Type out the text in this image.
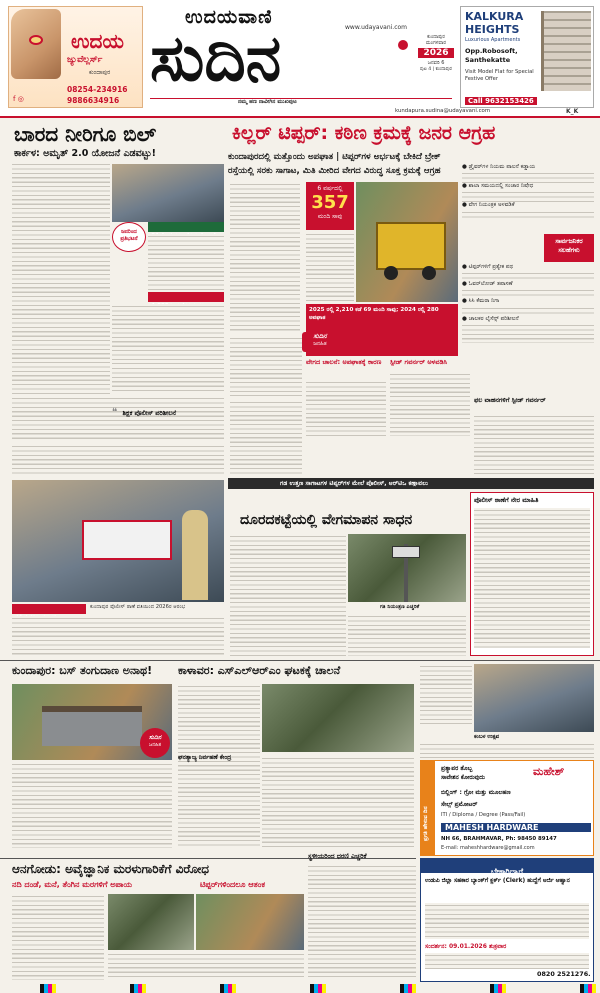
ಉದಯ
ಜ್ಯುವೆಲ್ಲರ್ಸ್
ಕುಂದಾಪುರ
f ◎
08254-234916
9886634916
ಉದಯವಾಣಿ
ಸುದಿನ	www.udayavani.com
ಕುಂದಾಪುರ
ಮಂಗಳವಾರ
2026
ಜನವರಿ 6
ಪುಟ 4 | ಕುಂದಾಪುರ
ನಮ್ಮ ಹಣ ನಾವೀಗಿನ ಮುಖಪುಟ
kundapura.sudina@udayavani.com	K_K
KALKURA
HEIGHTS
Luxurious Apartments
Opp.Robosoft, Santhekatte
Visit Model Flat for Special Festive Offer
Call 9632153426
ಬಾರದ ನೀರಿಗೂ ಬಿಲ್
ಕಾರ್ಕಳ: ಅಮೃತ್ 2.0 ಯೋಜನೆ ಎಡವಟ್ಟು!
ಕಿಲ್ಲರ್ ಟಿಪ್ಪರ್: ಕಠಿಣ ಕ್ರಮಕ್ಕೆ ಜನರ ಆಗ್ರಹ
ಕುಂದಾಪುರದಲ್ಲಿ ಮತ್ತೊಂದು ಅಪಘಾತ | ಟಿಪ್ಪರ್‌ಗಳ ಅರ್ಭಟಕ್ಕೆ ಬೇಕಿದೆ ಬ್ರೇಕ್
ರಸ್ತೆಯಲ್ಲಿ ಸರಕು ಸಾಗಾಟ, ಮಿತಿ ಮೀರಿದ ವೇಗದ ವಿರುದ್ಧ ಸೂಕ್ತ ಕ್ರಮಕ್ಕೆ ಆಗ್ರಹ
ಜನರಿಂದ ಪ್ರತಿಭಟನೆ
6 ವರ್ಷದಲ್ಲಿ
357
ಮಂದಿ ಸಾವು
2025 ರಲ್ಲಿ 2,210 ಕಡೆ 69 ಮಂದಿ ಸಾವು; 2024 ರಲ್ಲಿ 280 ಅಪಘಾತ
ಸುದಿನ
ಜನಹಿತ
● ಡ್ರೈವರ್‌ಗಳ ನಿಯಮ ಪಾಲನೆ ಕಡ್ಡಾಯ
● ಶಾಲಾ ಸಮಯದಲ್ಲಿ ಸಂಚಾರ ನಿಷೇಧ
● ವೇಗ ನಿಯಂತ್ರಕ ಅಳವಡಿಕೆ
ಸಾರ್ವಜನಿಕರ ಸಲಹೆಗಳು
● ಟಿಪ್ಪರ್‌ಗಳಿಗೆ ಪ್ರತ್ಯೇಕ ಪಥ
● ಓವರ್‌ಲೋಡ್ ತಪಾಸಣೆ
● ಸಿಸಿ ಕೆಮರಾ ನಿಗಾ
● ಚಾಲಕರ ಲೈಸೆನ್ಸ್ ಪರಿಶೀಲನೆ
ವೇಗದ ಚಾಲನೆ: ಅಪಘಾತಕ್ಕೆ ಕಾರಣ	ಸ್ಪೀಡ್ ಗವರ್ನರ್ ಅಳವಡಿಸಿ
ಫಲ ವಾಹನಗಳಿಗೆ ಸ್ಪೀಡ್ ಗವರ್ನರ್
❝ ಶಿಕ್ಷಕ ಪೊಲೀಸ್ ಪರಿಶೀಲನೆ
ಗಡ ಉತ್ತಣ ಸಾಗಾಟಗಳ ಟಿಪ್ಪರ್‌ಗಳ ಮೇಲೆ ಪೊಲೀಸ್, ಆರ್‌ಟಿಒ ಕಣ್ಗಾವಲು
ಕುಂದಾಪುರ ಪೊಲೀಸ್ ಠಾಣೆ ವತಿಯಿಂದ 2026ರ ಆರಂಭ
ದೂರದಕಟ್ಟೆಯಲ್ಲಿ ವೇಗಮಾಪನ ಸಾಧನ
ಗತಿ ನಿಯಂತ್ರಣ ಎಚ್ಚರಿಕೆ
ಪೊಲೀಸ್ ಠಾಣೆಗೆ ನೇರ ಮಾಹಿತಿ
ಕುಂದಾಪುರ: ಬಸ್ ತಂಗುದಾಣ ಅನಾಥ!
ಸುದಿನ
ಜನಹಿತ
ಕಾಳಾವರ: ಎಸ್‌ಎಲ್‌ಆರ್‌ಎಂ ಘಟಕಕ್ಕೆ ಚಾಲನೆ
ಘನತ್ಯಾಜ್ಯ ನಿರ್ವಹಣೆ ಕೇಂದ್ರ
ಕಂಬಳ ಉತ್ಸವ
ಪ್ರಗತಿ ಹೇಳುವ ದಿನ
ಪ್ರತ್ಯಾಪರ ತೊಬ್ಬ
ಸಾವೇಶನ ಕೋರುವುದು	ಮಹೇಶ್
ಬಿಲ್ಲಿಂಗ್ : ಗ್ರೋ ಮತ್ತು ಮೂಲಹಣ
ಸೇಲ್ಸ್ ಪ್ರಮೋಟರ್
ITI / Diploma / Degree (Pass/Fail)
MAHESH HARDWARE
NH 66, BRAHMAVAR, Ph: 98450 89147
E-mail: maheshhardware@gmail.com
ಆನಗೋಡು: ಅವೈಜ್ಞಾನಿಕ ಮರಳುಗಾರಿಕೆಗೆ ವಿರೋಧ
ನದಿ ದಂಡೆ, ಮನೆ, ತೆಂಗಿನ ಮರಗಳಿಗೆ ಅಪಾಯ	ಟಿಪ್ಪರ್‌ಗಳಿಂದಲೂ ಆತಂಕ
ಸ್ಥಳೀಯರಿಂದ ಧರಣಿ ಎಚ್ಚರಿಕೆ
ಬೇಕಾಗಿದ್ದಾರೆ
ಉಡುಪಿ ಜಿಲ್ಲಾ ಸಹಕಾರ ಬ್ಯಾಂಕ್‌ಗೆ ಕ್ಲರ್ಕ್ (Clerk) ಹುದ್ದೆಗೆ ಅರ್ಜಿ ಆಹ್ವಾನ
ಸಂದರ್ಶನ: 09.01.2026 ಶುಕ್ರವಾರ
0820 2521276.
